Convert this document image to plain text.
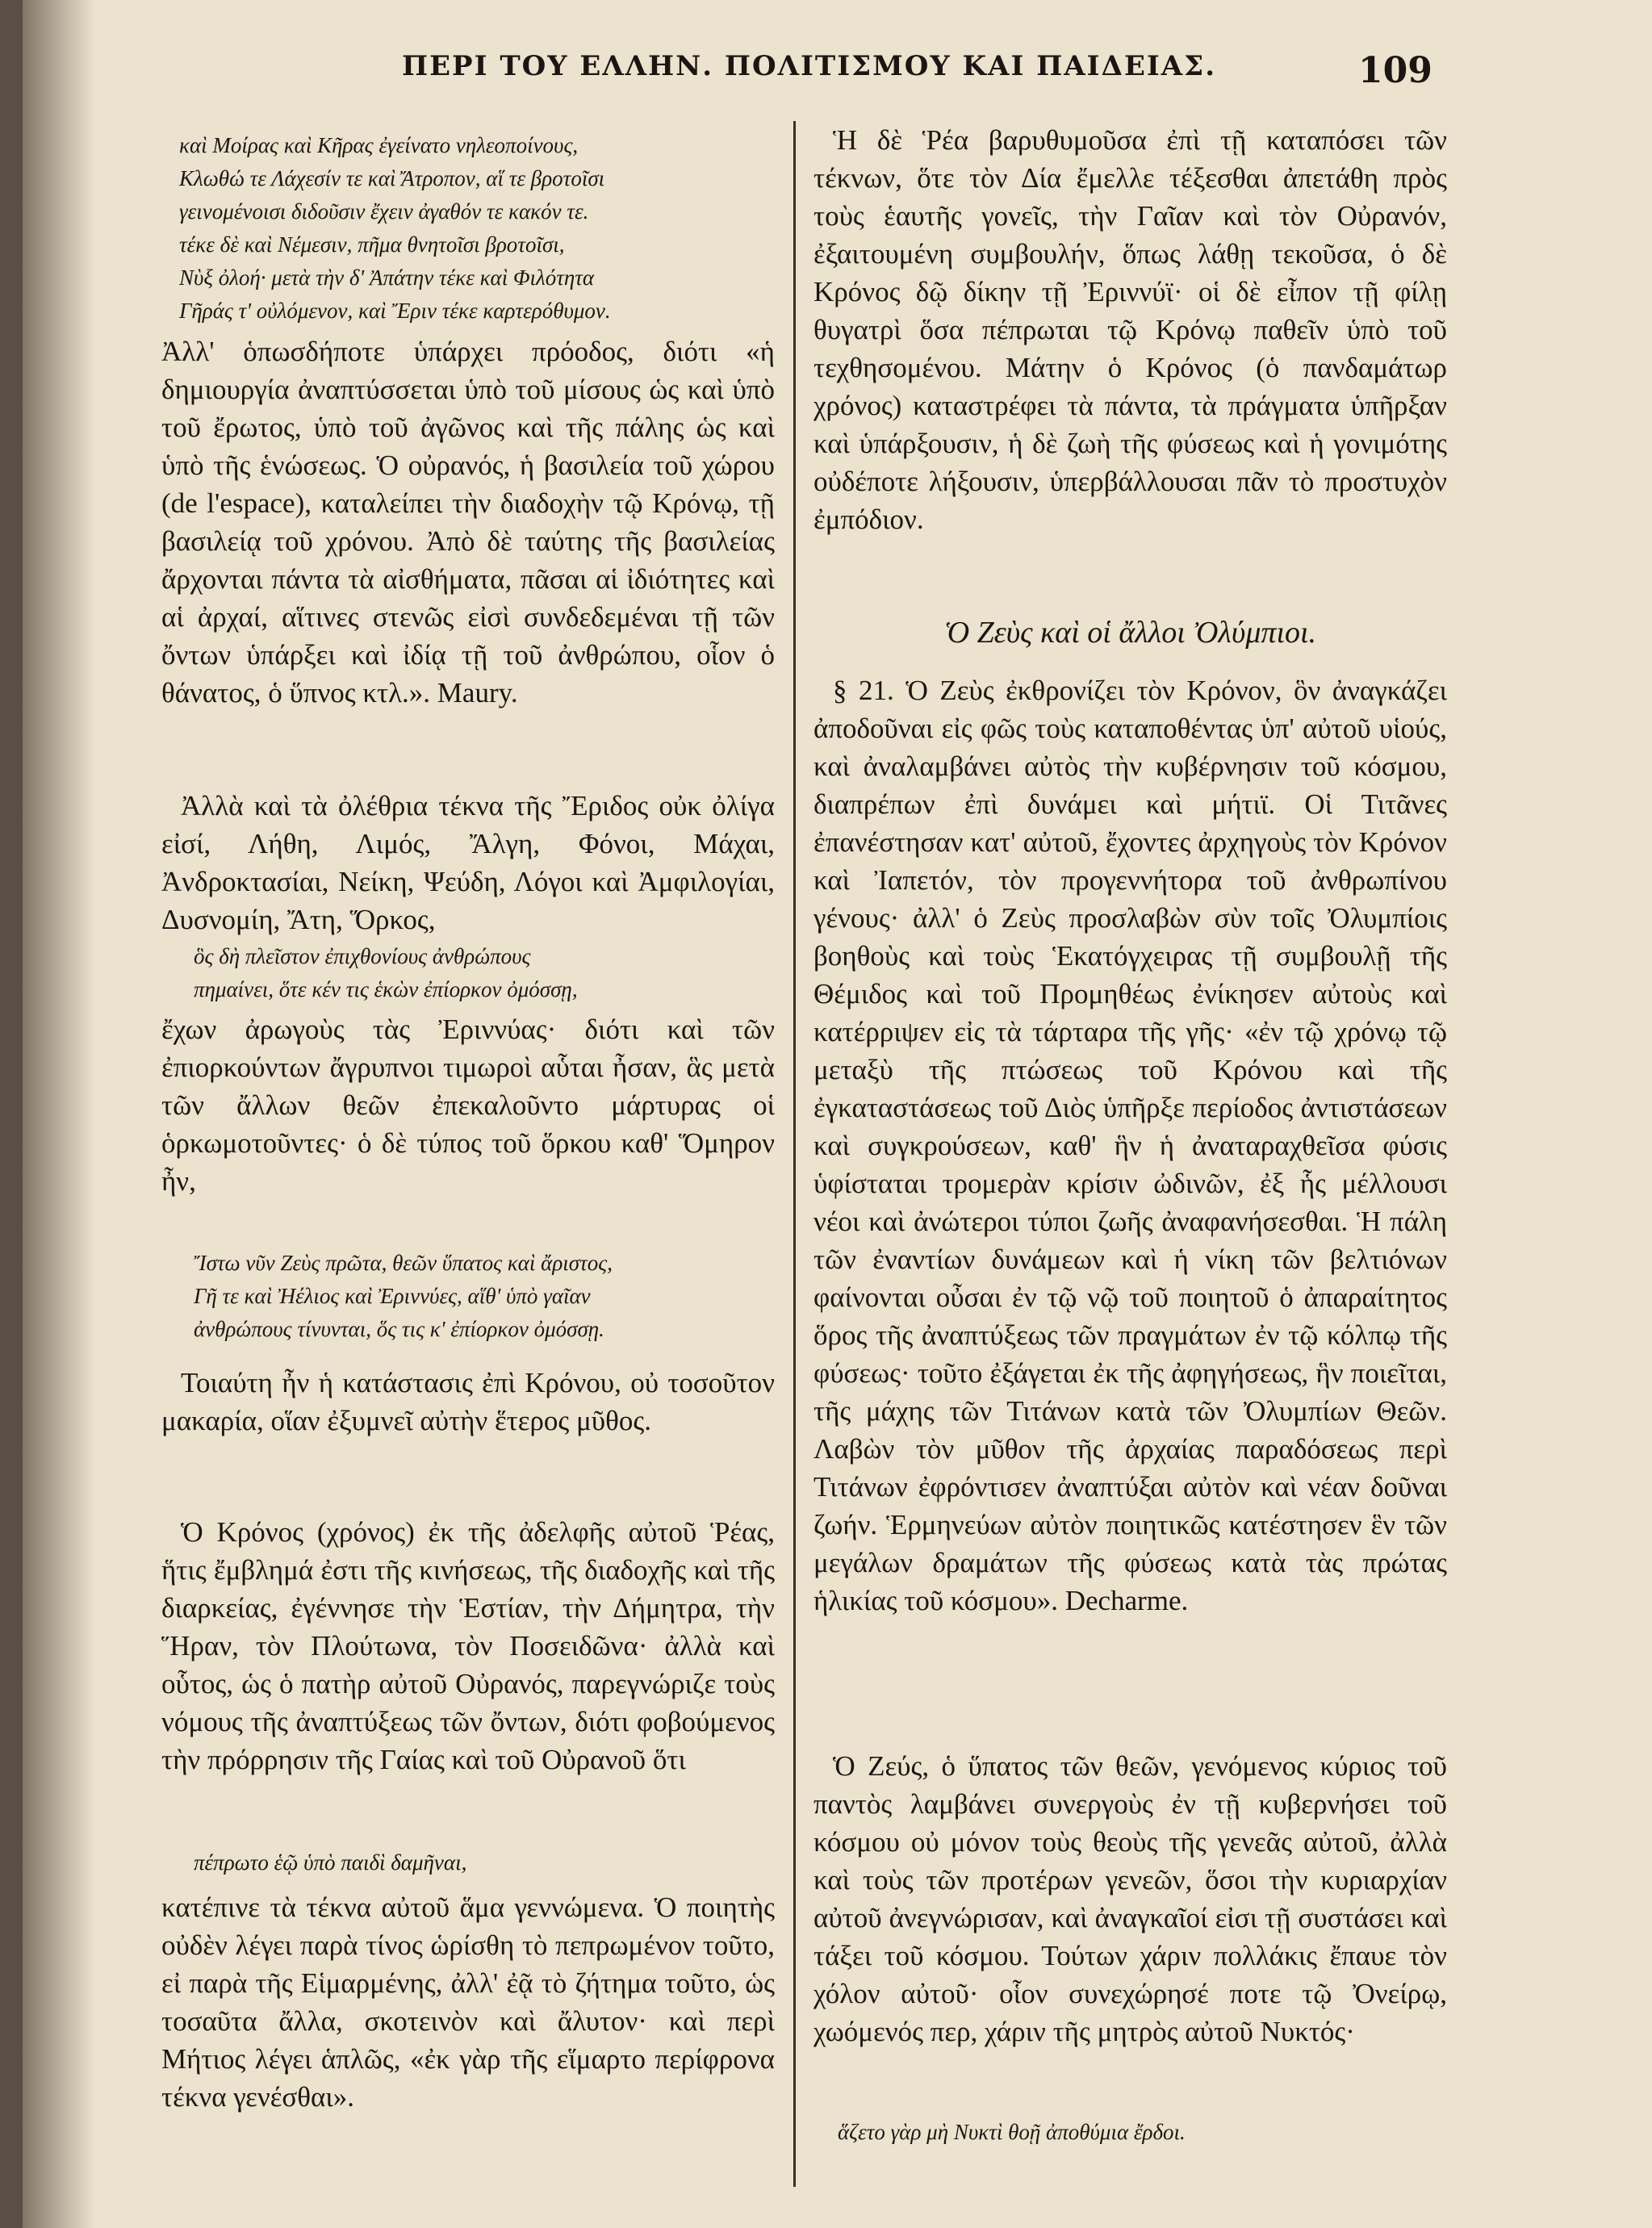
ΠΕΡΙ ΤΟΥ ΕΛΛΗΝ. ΠΟΛΙΤΙΣΜΟΥ ΚΑΙ ΠΑΙΔΕΙΑΣ.	109

καὶ Μοίρας καὶ Κῆρας ἐγείνατο νηλεοποίνους,

Κλωθώ τε Λάχεσίν τε καὶ Ἄτροπον, αἵ τε βροτοῖσι

γεινομένοισι διδοῦσιν ἔχειν ἀγαθόν τε κακόν τε.

τέκε δὲ καὶ Νέμεσιν, πῆμα θνητοῖσι βροτοῖσι,

Νὺξ ὀλοή· μετὰ τὴν δ' Ἀπάτην τέκε καὶ Φιλότητα

Γῆράς τ' οὐλόμενον, καὶ Ἔριν τέκε καρτερόθυμον.

Ἀλλ' ὁπωσδήποτε ὑπάρχει πρόοδος, διότι «ἡ δημιουργία ἀναπτύσσεται ὑπὸ τοῦ μίσους ὡς καὶ ὑπὸ τοῦ ἔρωτος, ὑπὸ τοῦ ἀγῶνος καὶ τῆς πάλης ὡς καὶ ὑπὸ τῆς ἑνώσεως. Ὁ οὐρανός, ἡ βασιλεία τοῦ χώρου (de l'espace), καταλείπει τὴν διαδοχὴν τῷ Κρόνῳ, τῇ βασιλείᾳ τοῦ χρόνου. Ἀπὸ δὲ ταύτης τῆς βασιλείας ἄρχονται πάντα τὰ αἰσθήματα, πᾶσαι αἱ ἰδιότητες καὶ αἱ ἀρχαί, αἵτινες στενῶς εἰσὶ συνδεδεμέναι τῇ τῶν ὄντων ὑπάρξει καὶ ἰδίᾳ τῇ τοῦ ἀνθρώπου, οἷον ὁ θάνατος, ὁ ὕπνος κτλ.». Maury.
Ἀλλὰ καὶ τὰ ὀλέθρια τέκνα τῆς Ἔριδος οὐκ ὀλίγα εἰσί, Λήθη, Λιμός, Ἄλγη, Φόνοι, Μάχαι, Ἀνδροκτασίαι, Νείκη, Ψεύδη, Λόγοι καὶ Ἀμφιλογίαι, Δυσνομίη, Ἄτη, Ὅρκος,

ὃς δὴ πλεῖστον ἐπιχθονίους ἀνθρώπους

πημαίνει, ὅτε κέν τις ἑκὼν ἐπίορκον ὀμόσσῃ,

ἔχων ἀρωγοὺς τὰς Ἐριννύας· διότι καὶ τῶν ἐπιορκούντων ἄγρυπνοι τιμωροὶ αὗται ἦσαν, ἃς μετὰ τῶν ἄλλων θεῶν ἐπεκαλοῦντο μάρτυρας οἱ ὁρκωμοτοῦντες· ὁ δὲ τύπος τοῦ ὅρκου καθ' Ὅμηρον ἦν,

Ἴστω νῦν Ζεὺς πρῶτα, θεῶν ὕπατος καὶ ἄριστος,

Γῆ τε καὶ Ἠέλιος καὶ Ἐριννύες, αἵθ' ὑπὸ γαῖαν

ἀνθρώπους τίνυνται, ὅς τις κ' ἐπίορκον ὀμόσσῃ.

Τοιαύτη ἦν ἡ κατάστασις ἐπὶ Κρόνου, οὐ τοσοῦτον μακαρία, οἵαν ἐξυμνεῖ αὐτὴν ἕτερος μῦθος.
Ὁ Κρόνος (χρόνος) ἐκ τῆς ἀδελφῆς αὐτοῦ Ῥέας, ἥτις ἔμβλημά ἐστι τῆς κινήσεως, τῆς διαδοχῆς καὶ τῆς διαρκείας, ἐγέννησε τὴν Ἑστίαν, τὴν Δήμητρα, τὴν Ἥραν, τὸν Πλούτωνα, τὸν Ποσειδῶνα· ἀλλὰ καὶ οὗτος, ὡς ὁ πατὴρ αὐτοῦ Οὐρανός, παρεγνώριζε τοὺς νόμους τῆς ἀναπτύξεως τῶν ὄντων, διότι φοβούμενος τὴν πρόρρησιν τῆς Γαίας καὶ τοῦ Οὐρανοῦ ὅτι

πέπρωτο ἑῷ ὑπὸ παιδὶ δαμῆναι,

κατέπινε τὰ τέκνα αὐτοῦ ἅμα γεννώμενα. Ὁ ποιητὴς οὐδὲν λέγει παρὰ τίνος ὡρίσθη τὸ πεπρωμένον τοῦτο, εἰ παρὰ τῆς Εἱμαρμένης, ἀλλ' ἐᾷ τὸ ζήτημα τοῦτο, ὡς τοσαῦτα ἄλλα, σκοτεινὸν καὶ ἄλυτον· καὶ περὶ Μήτιος λέγει ἁπλῶς, «ἐκ γὰρ τῆς εἵμαρτο περίφρονα τέκνα γενέσθαι».
Ἡ δὲ Ῥέα βαρυθυμοῦσα ἐπὶ τῇ καταπόσει τῶν τέκνων, ὅτε τὸν Δία ἔμελλε τέξεσθαι ἀπετάθη πρὸς τοὺς ἑαυτῆς γονεῖς, τὴν Γαῖαν καὶ τὸν Οὐρανόν, ἐξαιτουμένη συμβουλήν, ὅπως λάθῃ τεκοῦσα, ὁ δὲ Κρόνος δῷ δίκην τῇ Ἐριννύϊ· οἱ δὲ εἶπον τῇ φίλῃ θυγατρὶ ὅσα πέπρωται τῷ Κρόνῳ παθεῖν ὑπὸ τοῦ τεχθησομένου. Μάτην ὁ Κρόνος (ὁ πανδαμάτωρ χρόνος) καταστρέφει τὰ πάντα, τὰ πράγματα ὑπῆρξαν καὶ ὑπάρξουσιν, ἡ δὲ ζωὴ τῆς φύσεως καὶ ἡ γονιμότης οὐδέποτε λήξουσιν, ὑπερβάλλουσαι πᾶν τὸ προστυχὸν ἐμπόδιον.
Ὁ Ζεὺς καὶ οἱ ἄλλοι Ὀλύμπιοι.
§ 21. Ὁ Ζεὺς ἐκθρονίζει τὸν Κρόνον, ὃν ἀναγκάζει ἀποδοῦναι εἰς φῶς τοὺς καταποθέντας ὑπ' αὐτοῦ υἱούς, καὶ ἀναλαμβάνει αὐτὸς τὴν κυβέρνησιν τοῦ κόσμου, διαπρέπων ἐπὶ δυνάμει καὶ μήτιϊ. Οἱ Τιτᾶνες ἐπανέστησαν κατ' αὐτοῦ, ἔχοντες ἀρχηγοὺς τὸν Κρόνον καὶ Ἰαπετόν, τὸν προγεννήτορα τοῦ ἀνθρωπίνου γένους· ἀλλ' ὁ Ζεὺς προσλαβὼν σὺν τοῖς Ὀλυμπίοις βοηθοὺς καὶ τοὺς Ἑκατόγχειρας τῇ συμβουλῇ τῆς Θέμιδος καὶ τοῦ Προμηθέως ἐνίκησεν αὐτοὺς καὶ κατέρριψεν εἰς τὰ τάρταρα τῆς γῆς· «ἐν τῷ χρόνῳ τῷ μεταξὺ τῆς πτώσεως τοῦ Κρόνου καὶ τῆς ἐγκαταστάσεως τοῦ Διὸς ὑπῆρξε περίοδος ἀντιστάσεων καὶ συγκρούσεων, καθ' ἣν ἡ ἀναταραχθεῖσα φύσις ὑφίσταται τρομερὰν κρίσιν ὠδινῶν, ἐξ ἧς μέλλουσι νέοι καὶ ἀνώτεροι τύποι ζωῆς ἀναφανήσεσθαι. Ἡ πάλη τῶν ἐναντίων δυνάμεων καὶ ἡ νίκη τῶν βελτιόνων φαίνονται οὖσαι ἐν τῷ νῷ τοῦ ποιητοῦ ὁ ἀπαραίτητος ὅρος τῆς ἀναπτύξεως τῶν πραγμάτων ἐν τῷ κόλπῳ τῆς φύσεως· τοῦτο ἐξάγεται ἐκ τῆς ἀφηγήσεως, ἣν ποιεῖται, τῆς μάχης τῶν Τιτάνων κατὰ τῶν Ὀλυμπίων Θεῶν. Λαβὼν τὸν μῦθον τῆς ἀρχαίας παραδόσεως περὶ Τιτάνων ἐφρόντισεν ἀναπτύξαι αὐτὸν καὶ νέαν δοῦναι ζωήν. Ἑρμηνεύων αὐτὸν ποιητικῶς κατέστησεν ἓν τῶν μεγάλων δραμάτων τῆς φύσεως κατὰ τὰς πρώτας ἡλικίας τοῦ κόσμου». Decharme.
Ὁ Ζεύς, ὁ ὕπατος τῶν θεῶν, γενόμενος κύριος τοῦ παντὸς λαμβάνει συνεργοὺς ἐν τῇ κυβερνήσει τοῦ κόσμου οὐ μόνον τοὺς θεοὺς τῆς γενεᾶς αὐτοῦ, ἀλλὰ καὶ τοὺς τῶν προτέρων γενεῶν, ὅσοι τὴν κυριαρχίαν αὐτοῦ ἀνεγνώρισαν, καὶ ἀναγκαῖοί εἰσι τῇ συστάσει καὶ τάξει τοῦ κόσμου. Τούτων χάριν πολλάκις ἔπαυε τὸν χόλον αὐτοῦ· οἷον συνεχώρησέ ποτε τῷ Ὀνείρῳ, χωόμενός περ, χάριν τῆς μητρὸς αὐτοῦ Νυκτός·

ἅζετο γὰρ μὴ Νυκτὶ θοῇ ἀποθύμια ἔρδοι.
